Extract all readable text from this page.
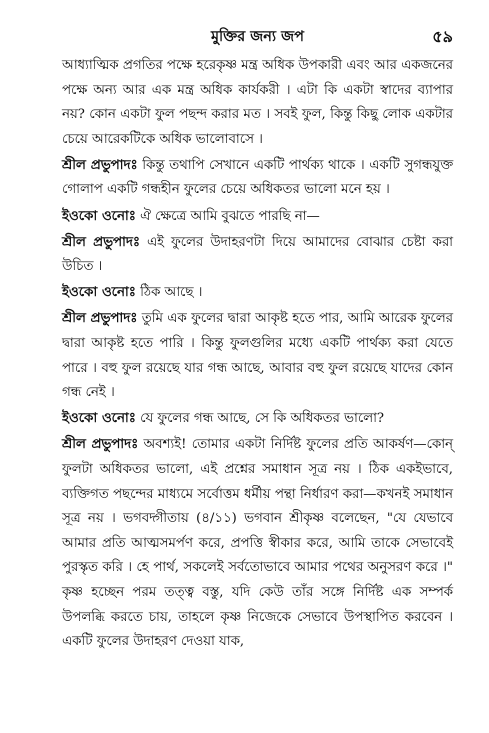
মুক্তির জন্য জপ	৫৯

আধ্যাত্মিক প্রগতির পক্ষে হরেকৃষ্ণ মন্ত্র অধিক উপকারী এবং আর একজনের পক্ষে অন্য আর এক মন্ত্র অধিক কার্যকরী । এটা কি একটা স্বাদের ব্যাপার নয়? কোন একটা ফুল পছন্দ করার মত । সবই ফুল, কিন্তু কিছু লোক একটার চেয়ে আরেকটিকে অধিক ভালোবাসে ।

শ্রীল প্রভুপাদঃ কিন্তু তথাপি সেখানে একটি পার্থক্য থাকে । একটি সুগন্ধযুক্ত গোলাপ একটি গন্ধহীন ফুলের চেয়ে অধিকতর ভালো মনে হয় ।

ইওকো ওনোঃ ঐ ক্ষেত্রে আমি বুঝতে পারছি না—

শ্রীল প্রভুপাদঃ এই ফুলের উদাহরণটা দিয়ে আমাদের বোঝার চেষ্টা করা উচিত ।

ইওকো ওনোঃ ঠিক আছে ।

শ্রীল প্রভুপাদঃ তুমি এক ফুলের দ্বারা আকৃষ্ট হতে পার, আমি আরেক ফুলের দ্বারা আকৃষ্ট হতে পারি । কিন্তু ফুলগুলির মধ্যে একটি পার্থক্য করা যেতে পারে । বহু ফুল রয়েছে যার গন্ধ আছে, আবার বহু ফুল রয়েছে যাদের কোন গন্ধ নেই ।

ইওকো ওনোঃ যে ফুলের গন্ধ আছে, সে কি অধিকতর ভালো?

শ্রীল প্রভুপাদঃ অবশ্যই! তোমার একটা নির্দিষ্ট ফুলের প্রতি আকর্ষণ—কোন্ ফুলটা অধিকতর ভালো, এই প্রশ্নের সমাধান সূত্র নয় । ঠিক একইভাবে, ব্যক্তিগত পছন্দের মাধ্যমে সর্বোত্তম ধর্মীয় পন্থা নির্ধারণ করা—কখনই সমাধান সূত্র নয় । ভগবদ্গীতায় (৪/১১) ভগবান শ্রীকৃষ্ণ বলেছেন, "যে যেভাবে আমার প্রতি আত্মসমর্পণ করে, প্রপত্তি স্বীকার করে, আমি তাকে সেভাবেই পুরস্কৃত করি । হে পার্থ, সকলেই সর্বতোভাবে আমার পথের অনুসরণ করে ।" কৃষ্ণ হচ্ছেন পরম তত্ত্ব বস্তু, যদি কেউ তাঁর সঙ্গে নির্দিষ্ট এক সম্পর্ক উপলব্ধি করতে চায়, তাহলে কৃষ্ণ নিজেকে সেভাবে উপস্থাপিত করবেন । একটি ফুলের উদাহরণ দেওয়া যাক,
